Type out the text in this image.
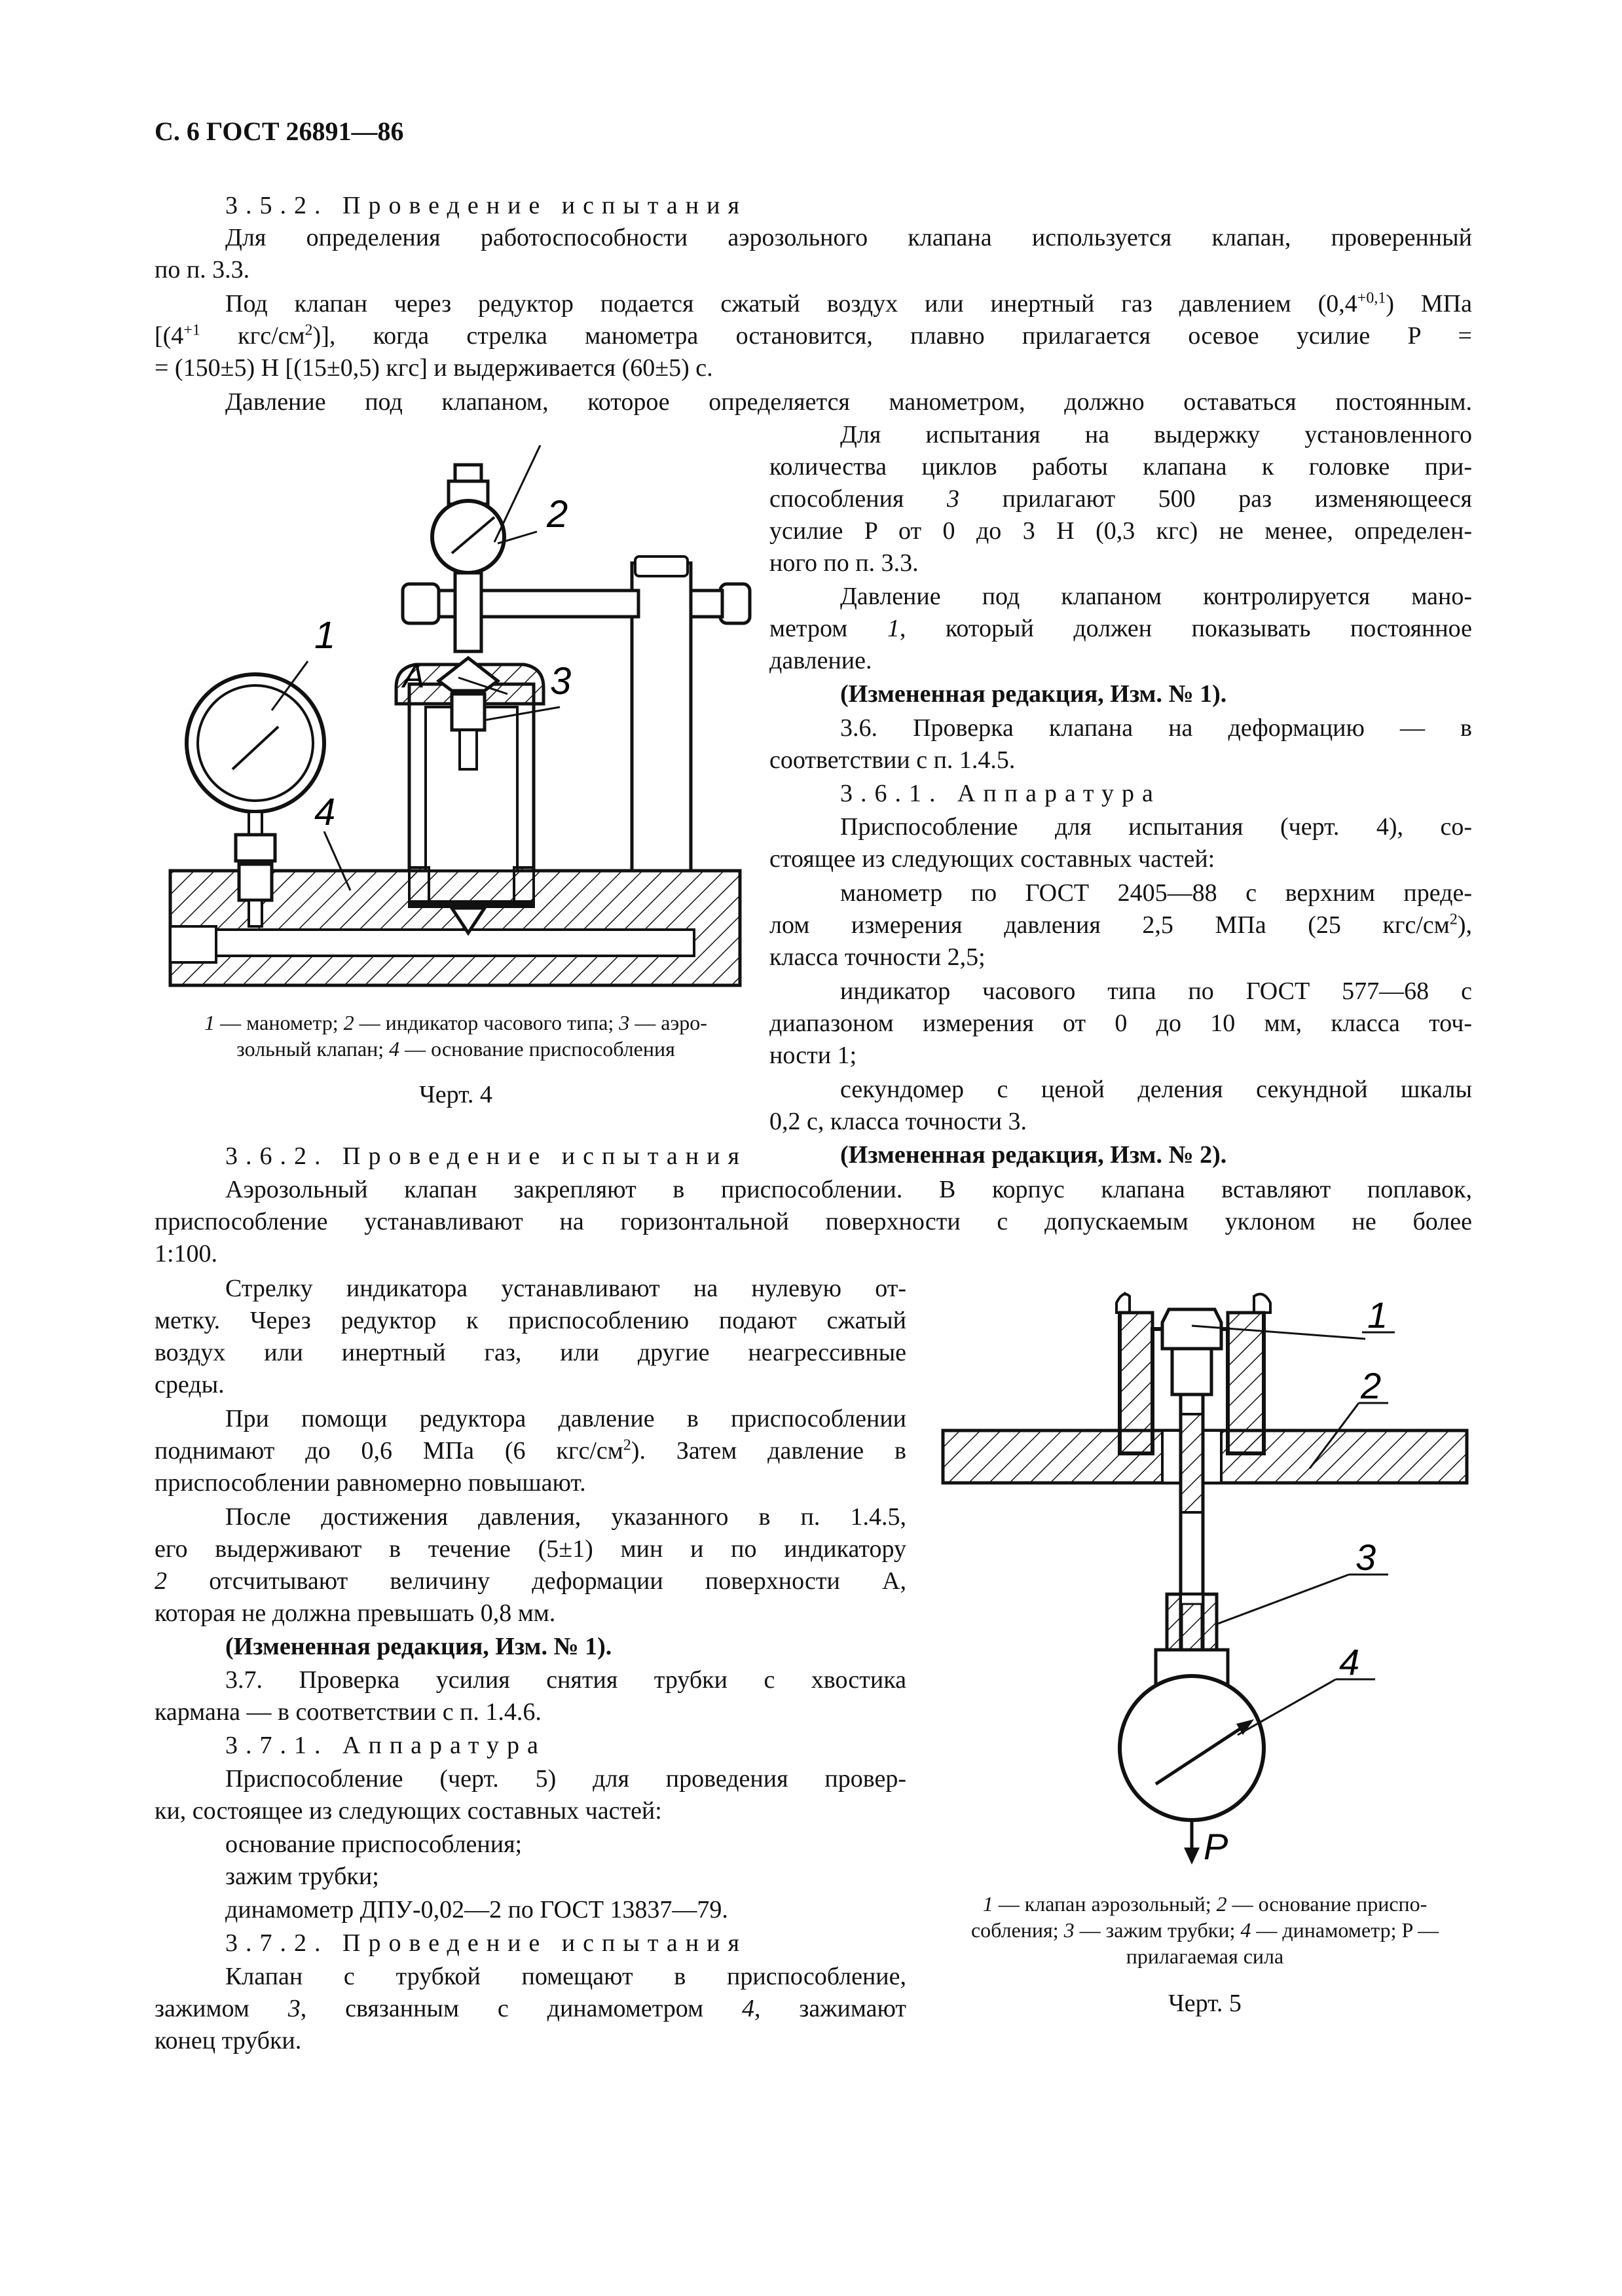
С. 6 ГОСТ 26891—86
3.5.2. Проведение испытания
Для определения работоспособности аэрозольного клапана используется клапан, проверенный
по п. 3.3.
Под клапан через редуктор подается сжатый воздух или инертный газ давлением $(0,4^{+0,1})$ МПа
[($4^{+1}$ кгс/$см^2$)], когда стрелка манометра остановится, плавно прилагается осевое усилие P =
= (150±5) Н [(15±0,5) кгс] и выдерживается (60±5) с.
Давление под клапаном, которое определяется манометром, должно оставаться постоянным.
Для испытания на выдержку установленного
количества циклов работы клапана к головке при-
способления 3 прилагают 500 раз изменяющееся
усилие P от 0 до 3 Н (0,3 кгс) не менее, определен-
ного по п. 3.3.
Давление под клапаном контролируется мано-
метром 1, который должен показывать постоянное
давление.
(Измененная редакция, Изм. № 1).
3.6. Проверка клапана на деформацию — в
соответствии с п. 1.4.5.
3.6.1. Аппаратура
Приспособление для испытания (черт. 4), со-
стоящее из следующих составных частей:
манометр по ГОСТ 2405—88 с верхним преде-
лом измерения давления 2,5 МПа (25 кгс/$см^2$),
класса точности 2,5;
индикатор часового типа по ГОСТ 577—68 с
диапазоном измерения от 0 до 10 мм, класса точ-
ности 1;
секундомер с ценой деления секундной шкалы
0,2 с, класса точности 3.
(Измененная редакция, Изм. № 2).
1
2
3
4
А
1 — манометр; 2 — индикатор часового типа; 3 — аэро-
зольный клапан; 4 — основание приспособления
Черт. 4
3.6.2. Проведение испытания
Аэрозольный клапан закрепляют в приспособлении. В корпус клапана вставляют поплавок,
приспособление устанавливают на горизонтальной поверхности с допускаемым уклоном не более
1:100.
Стрелку индикатора устанавливают на нулевую от-
метку. Через редуктор к приспособлению подают сжатый
воздух или инертный газ, или другие неагрессивные
среды.
При помощи редуктора давление в приспособлении
поднимают до 0,6 МПа (6 кгс/$см^2$). Затем давление в
приспособлении равномерно повышают.
После достижения давления, указанного в п. 1.4.5,
его выдерживают в течение (5±1) мин и по индикатору
2 отсчитывают величину деформации поверхности А,
которая не должна превышать 0,8 мм.
(Измененная редакция, Изм. № 1).
3.7. Проверка усилия снятия трубки с хвостика
кармана — в соответствии с п. 1.4.6.
3.7.1. Аппаратура
Приспособление (черт. 5) для проведения провер-
ки, состоящее из следующих составных частей:
основание приспособления;
зажим трубки;
динамометр ДПУ-0,02—2 по ГОСТ 13837—79.
3.7.2. Проведение испытания
Клапан с трубкой помещают в приспособление,
зажимом 3, связанным с динамометром 4, зажимают
конец трубки.
1
2
3
4
P
1 — клапан аэрозольный; 2 — основание приспо-
собления; 3 — зажим трубки; 4 — динамометр; P —
прилагаемая сила
Черт. 5
